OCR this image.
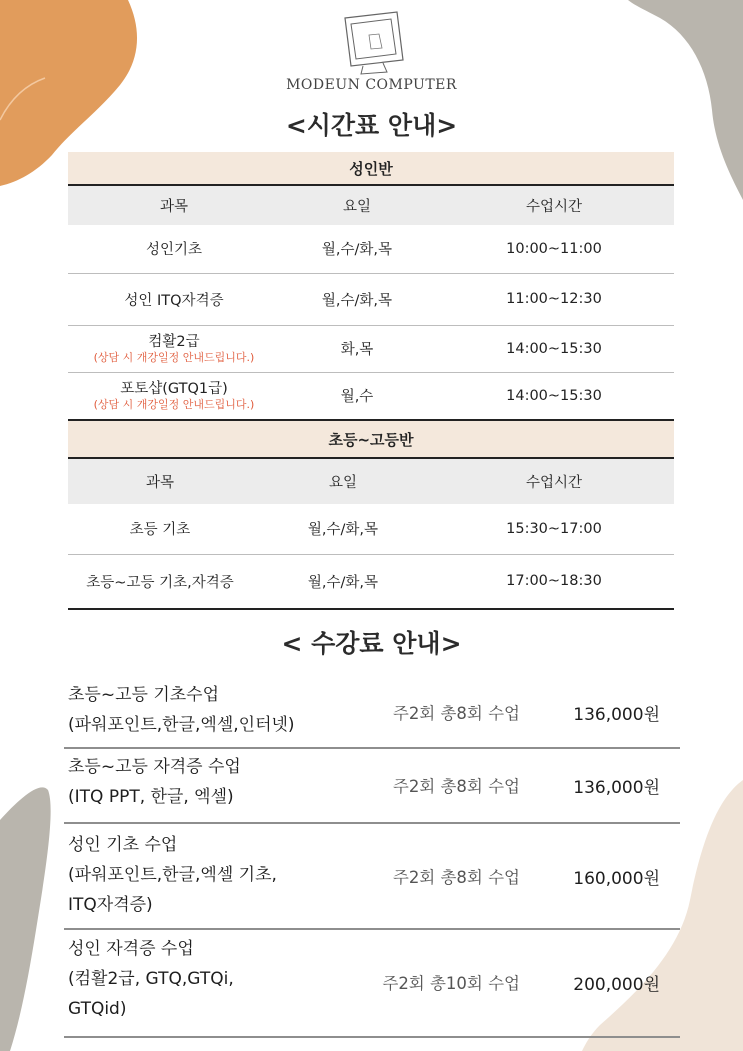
MODEUN COMPUTER
<시간표 안내>
성인반		
과목	요일	수업시간
성인기초	월,수/화,목	10:00~11:00
성인 ITQ자격증	월,수/화,목	11:00~12:30

컴활2급
(상담 시 개강일정 안내드립니다.)	화,목	14:00~15:30

포토샵(GTQ1급)
(상담 시 개강일정 안내드립니다.)	월,수	14:00~15:30
초등~고등반		
과목	요일	수업시간
초등 기초	월,수/화,목	15:30~17:00
초등~고등 기초,자격증	월,수/화,목	17:00~18:30
< 수강료 안내>
초등~고등 기초수업
(파워포인트,한글,엑셀,인터넷)
주2회 총8회 수업	136,000원
초등~고등 자격증 수업
(ITQ PPT, 한글, 엑셀)
주2회 총8회 수업	136,000원
성인 기초 수업
(파워포인트,한글,엑셀 기초,
ITQ자격증)
주2회 총8회 수업	160,000원
성인 자격증 수업
(컴활2급, GTQ,GTQi,
GTQid)
주2회 총10회 수업	200,000원
